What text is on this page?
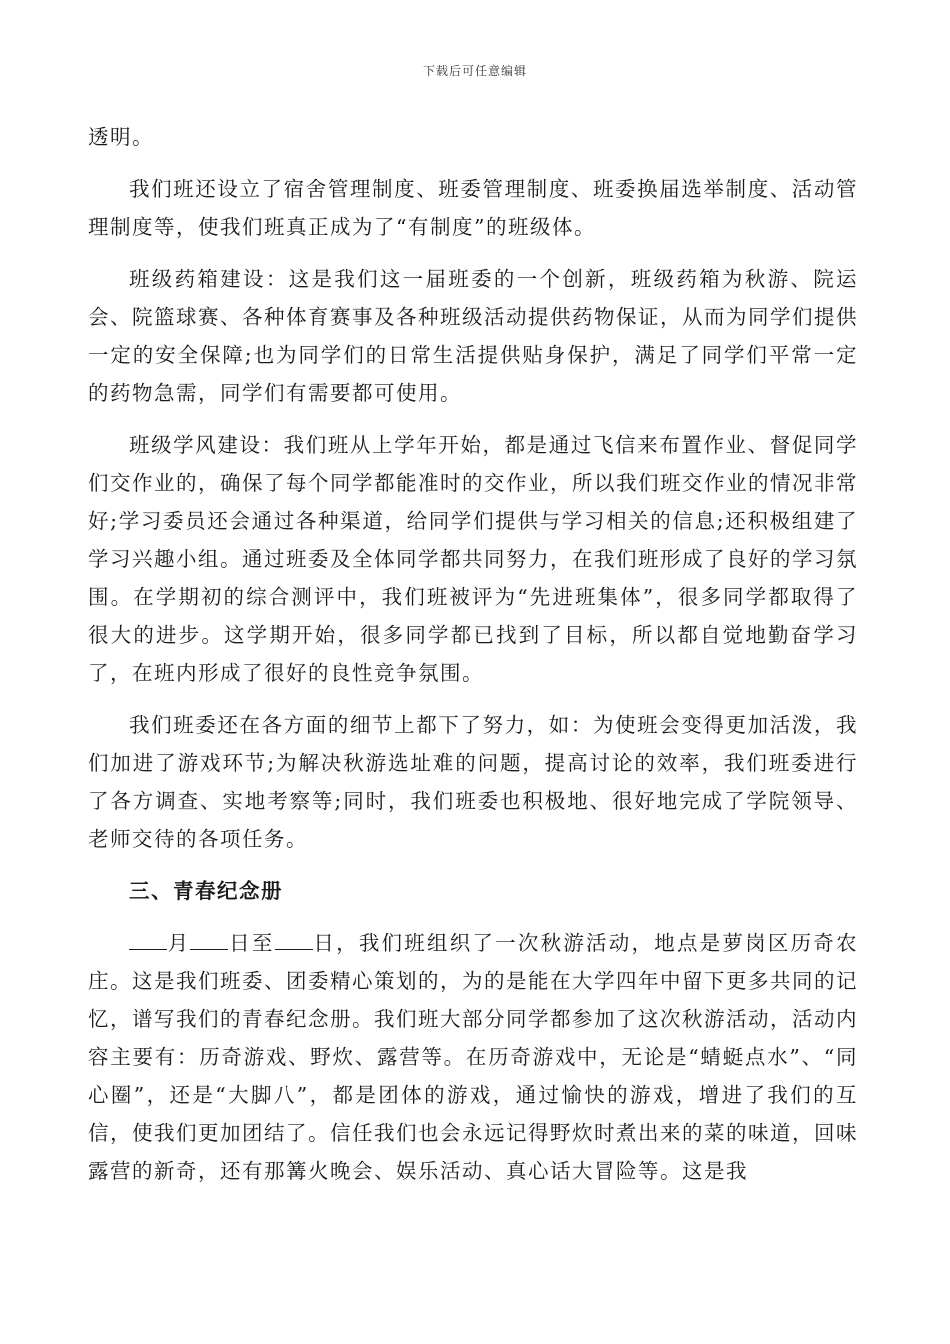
下载后可任意编辑

透明。

我们班还设立了宿舍管理制度、班委管理制度、班委换届选举制度、活动管理制度等，使我们班真正成为了“有制度”的班级体。

班级药箱建设：这是我们这一届班委的一个创新，班级药箱为秋游、院运会、院篮球赛、各种体育赛事及各种班级活动提供药物保证，从而为同学们提供一定的安全保障;也为同学们的日常生活提供贴身保护，满足了同学们平常一定的药物急需，同学们有需要都可使用。

班级学风建设：我们班从上学年开始，都是通过飞信来布置作业、督促同学们交作业的，确保了每个同学都能准时的交作业，所以我们班交作业的情况非常好;学习委员还会通过各种渠道，给同学们提供与学习相关的信息;还积极组建了学习兴趣小组。通过班委及全体同学都共同努力，在我们班形成了良好的学习氛围。在学期初的综合测评中，我们班被评为“先进班集体”，很多同学都取得了很大的进步。这学期开始，很多同学都已找到了目标，所以都自觉地勤奋学习了，在班内形成了很好的良性竞争氛围。

我们班委还在各方面的细节上都下了努力，如：为使班会变得更加活泼，我们加进了游戏环节;为解决秋游选址难的问题，提高讨论的效率，我们班委进行了各方调查、实地考察等;同时，我们班委也积极地、很好地完成了学院领导、老师交待的各项任务。

三、青春纪念册

月 日至 日，我们班组织了一次秋游活动，地点是萝岗区历奇农庄。这是我们班委、团委精心策划的，为的是能在大学四年中留下更多共同的记忆，谱写我们的青春纪念册。我们班大部分同学都参加了这次秋游活动，活动内容主要有：历奇游戏、野炊、露营等。在历奇游戏中，无论是“蜻蜓点水”、“同心圈”，还是“大脚八”，都是团体的游戏，通过愉快的游戏，增进了我们的互信，使我们更加团结了。信任我们也会永远记得野炊时煮出来的菜的味道，回味露营的新奇，还有那篝火晚会、娱乐活动、真心话大冒险等。这是我
